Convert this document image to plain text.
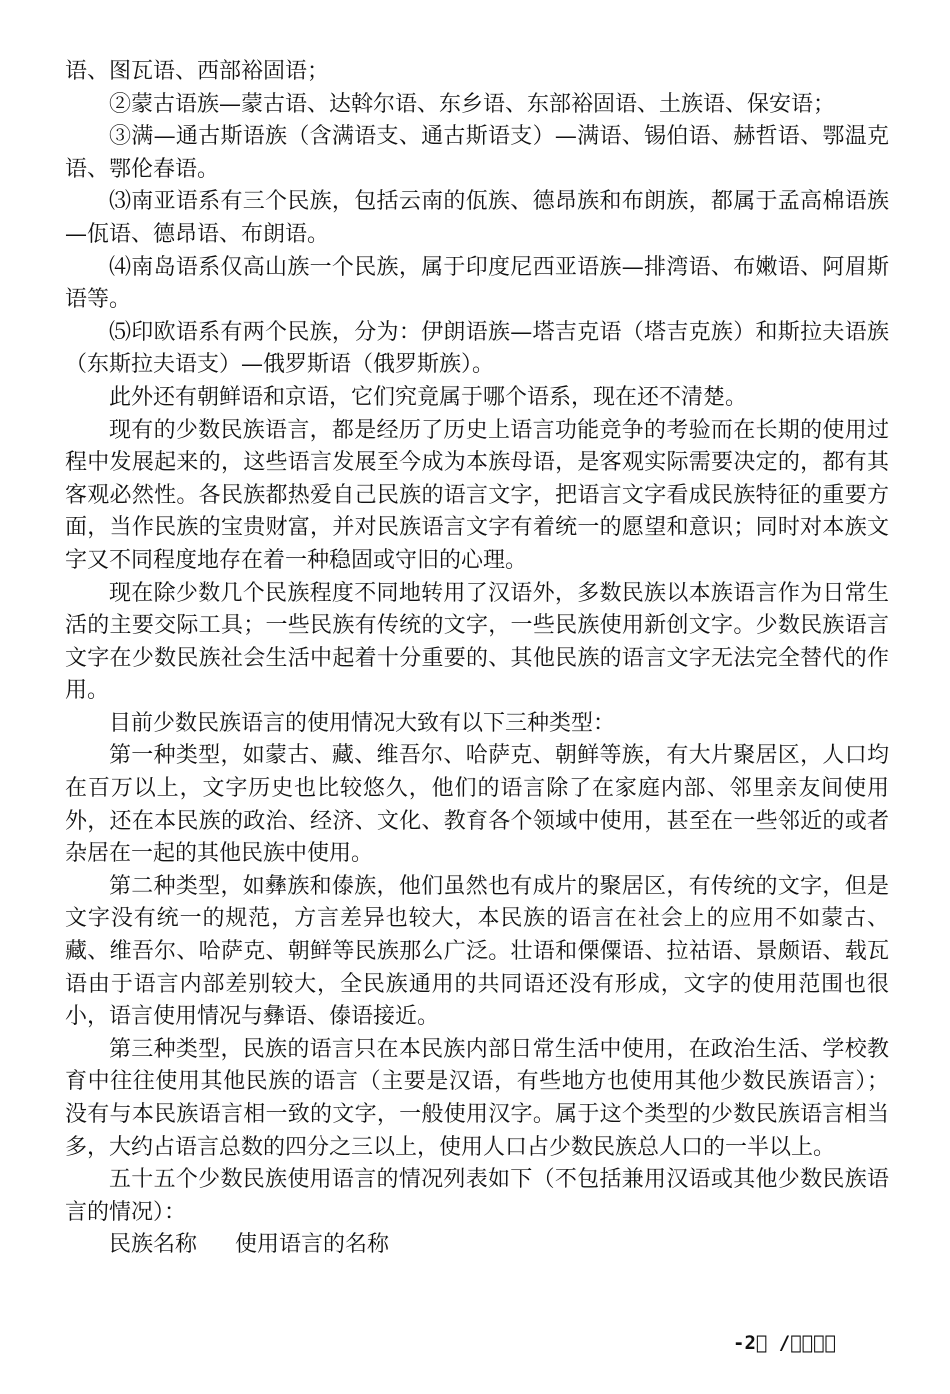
语、图瓦语、西部裕固语；

②蒙古语族—蒙古语、达斡尔语、东乡语、东部裕固语、土族语、保安语；

③满—通古斯语族（含满语支、通古斯语支）—满语、锡伯语、赫哲语、鄂温克语、鄂伦春语。

⑶南亚语系有三个民族，包括云南的佤族、德昂族和布朗族，都属于孟高棉语族—佤语、德昂语、布朗语。

⑷南岛语系仅高山族一个民族，属于印度尼西亚语族—排湾语、布嫩语、阿眉斯语等。

⑸印欧语系有两个民族，分为：伊朗语族—塔吉克语（塔吉克族）和斯拉夫语族（东斯拉夫语支）—俄罗斯语（俄罗斯族）。

此外还有朝鲜语和京语，它们究竟属于哪个语系，现在还不清楚。

现有的少数民族语言，都是经历了历史上语言功能竞争的考验而在长期的使用过程中发展起来的，这些语言发展至今成为本族母语，是客观实际需要决定的，都有其客观必然性。各民族都热爱自己民族的语言文字，把语言文字看成民族特征的重要方面，当作民族的宝贵财富，并对民族语言文字有着统一的愿望和意识；同时对本族文字又不同程度地存在着一种稳固或守旧的心理。

现在除少数几个民族程度不同地转用了汉语外，多数民族以本族语言作为日常生活的主要交际工具；一些民族有传统的文字，一些民族使用新创文字。少数民族语言文字在少数民族社会生活中起着十分重要的、其他民族的语言文字无法完全替代的作用。

目前少数民族语言的使用情况大致有以下三种类型：

第一种类型，如蒙古、藏、维吾尔、哈萨克、朝鲜等族，有大片聚居区，人口均在百万以上，文字历史也比较悠久，他们的语言除了在家庭内部、邻里亲友间使用外，还在本民族的政治、经济、文化、教育各个领域中使用，甚至在一些邻近的或者杂居在一起的其他民族中使用。

第二种类型，如彝族和傣族，他们虽然也有成片的聚居区，有传统的文字，但是文字没有统一的规范，方言差异也较大，本民族的语言在社会上的应用不如蒙古、藏、维吾尔、哈萨克、朝鲜等民族那么广泛。壮语和傈僳语、拉祜语、景颇语、载瓦语由于语言内部差别较大，全民族通用的共同语还没有形成，文字的使用范围也很小，语言使用情况与彝语、傣语接近。

第三种类型，民族的语言只在本民族内部日常生活中使用，在政治生活、学校教育中往往使用其他民族的语言（主要是汉语，有些地方也使用其他少数民族语言）；没有与本民族语言相一致的文字，一般使用汉字。属于这个类型的少数民族语言相当多，大约占语言总数的四分之三以上，使用人口占少数民族总人口的一半以上。

五十五个少数民族使用语言的情况列表如下（不包括兼用汉语或其他少数民族语言的情况）：

民族名称 使用语言的名称

-2  /    
